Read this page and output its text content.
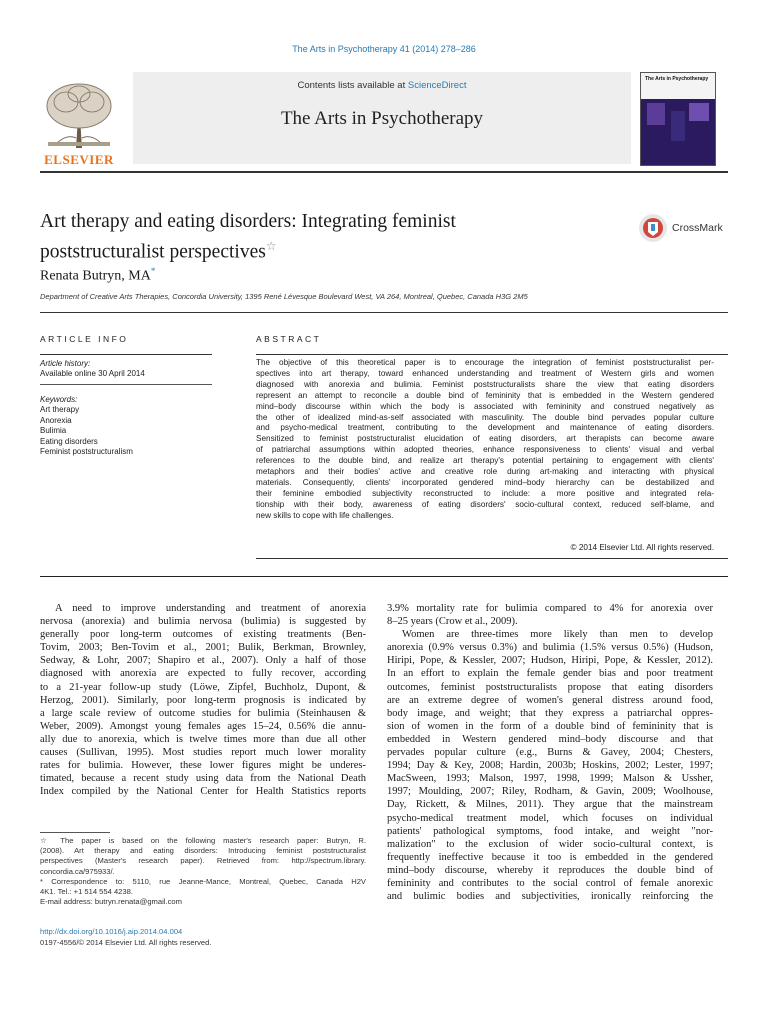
The Arts in Psychotherapy 41 (2014) 278–286
ELSEVIER
Contents lists available at ScienceDirect
The Arts in Psychotherapy
The Arts in Psychotherapy
Art therapy and eating disorders: Integrating feminist
poststructuralist perspectives☆
CrossMark
Renata Butryn, MA*
Department of Creative Arts Therapies, Concordia University, 1395 René Lévesque Boulevard West, VA 264, Montreal, Quebec, Canada H3G 2M5
ARTICLE INFO
Article history:
Available online 30 April 2014
Keywords:
Art therapy
Anorexia
Bulimia
Eating disorders
Feminist poststructuralism
ABSTRACT
The objective of this theoretical paper is to encourage the integration of feminist poststructuralist per-
spectives into art therapy, toward enhanced understanding and treatment of Western girls and women
diagnosed with anorexia and bulimia. Feminist poststructuralists share the view that eating disorders
represent an attempt to reconcile a double bind of femininity that is embedded in the Western gendered
mind–body discourse within which the body is associated with femininity and construed negatively as
the other of idealized mind-as-self associated with masculinity. The double bind pervades popular culture
and psycho-medical treatment, contributing to the development and maintenance of eating disorders.
Sensitized to feminist poststructuralist elucidation of eating disorders, art therapists can become aware
of patriarchal assumptions within adopted theories, enhance responsiveness to clients' visual and verbal
references to the double bind, and realize art therapy's potential pertaining to engagement with clients'
metaphors and their bodies' active and creative role during art-making and interacting with physical
materials. Consequently, clients' incorporated gendered mind–body hierarchy can be destabilized and
their feminine embodied subjectivity reconstructed to include: a more positive and integrated rela-
tionship with their body, awareness of eating disorders' socio-cultural context, reduced self-blame, and
new skills to cope with life challenges.
© 2014 Elsevier Ltd. All rights reserved.
A need to improve understanding and treatment of anorexia
nervosa (anorexia) and bulimia nervosa (bulimia) is suggested by
generally poor long-term outcomes of existing treatments (Ben-
Tovim, 2003; Ben-Tovim et al., 2001; Bulik, Berkman, Brownley,
Sedway, & Lohr, 2007; Shapiro et al., 2007). Only a half of those
diagnosed with anorexia are expected to fully recover, according
to a 21-year follow-up study (Löwe, Zipfel, Buchholz, Dupont, &
Herzog, 2001). Similarly, poor long-term prognosis is indicated by
a large scale review of outcome studies for bulimia (Steinhausen &
Weber, 2009). Amongst young females ages 15–24, 0.56% die annu-
ally due to anorexia, which is twelve times more than due all other
causes (Sullivan, 1995). Most studies report much lower morality
rates for bulimia. However, these lower figures might be underes-
timated, because a recent study using data from the National Death
Index compiled by the National Center for Health Statistics reports
3.9% mortality rate for bulimia compared to 4% for anorexia over
8–25 years (Crow et al., 2009).
Women are three-times more likely than men to develop
anorexia (0.9% versus 0.3%) and bulimia (1.5% versus 0.5%) (Hudson,
Hiripi, Pope, & Kessler, 2007; Hudson, Hiripi, Pope, & Kessler, 2012).
In an effort to explain the female gender bias and poor treatment
outcomes, feminist poststructuralists propose that eating disorders
are an extreme degree of women's general distress around food,
body image, and weight; that they express a patriarchal oppres-
sion of women in the form of a double bind of femininity that is
embedded in Western gendered mind–body discourse and that
pervades popular culture (e.g., Burns & Gavey, 2004; Chesters,
1994; Day & Key, 2008; Hardin, 2003b; Hoskins, 2002; Lester, 1997;
MacSween, 1993; Malson, 1997, 1998, 1999; Malson & Ussher,
1997; Moulding, 2007; Riley, Rodham, & Gavin, 2009; Woolhouse,
Day, Rickett, & Milnes, 2011). They argue that the mainstream
psycho-medical treatment model, which focuses on individual
patients' pathological symptoms, food intake, and weight "nor-
malization" to the exclusion of wider socio-cultural context, is
frequently ineffective because it too is embedded in the gendered
mind–body discourse, whereby it reproduces the double bind of
femininity and contributes to the social control of female anorexic
and bulimic bodies and subjectivities, ironically reinforcing the
☆ The paper is based on the following master's research paper: Butryn, R.
(2008). Art therapy and eating disorders: Introducing feminist poststructuralist
perspectives (Master's research paper). Retrieved from: http://spectrum.library.
concordia.ca/975933/.
* Correspondence to: 5110, rue Jeanne-Mance, Montreal, Quebec, Canada H2V
4K1. Tel.: +1 514 554 4238.
E-mail address: butryn.renata@gmail.com
http://dx.doi.org/10.1016/j.aip.2014.04.004
0197-4556/© 2014 Elsevier Ltd. All rights reserved.
